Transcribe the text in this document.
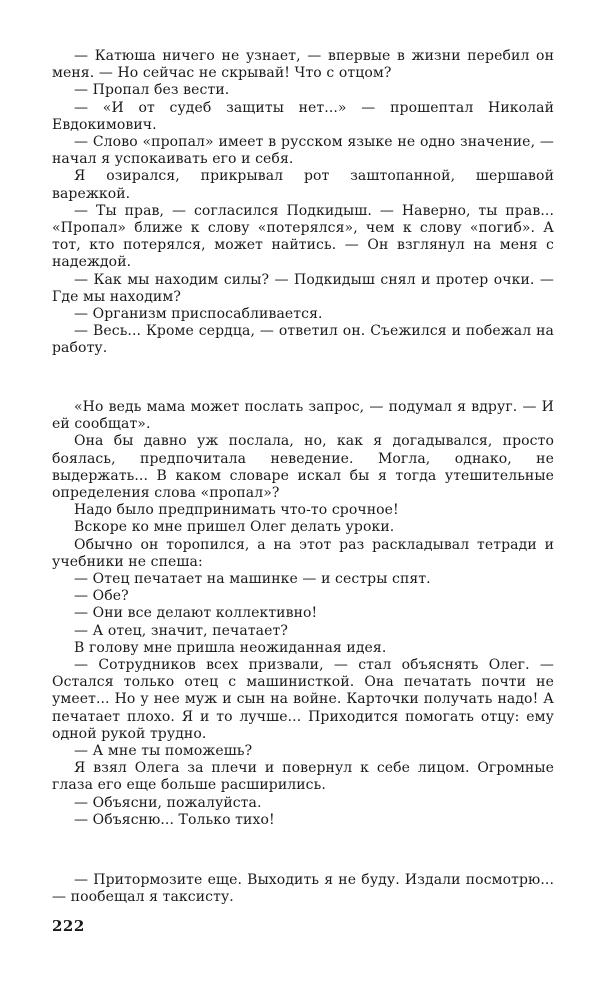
— Катюша ничего не узнает, — впервые в жизни перебил он меня. — Но сейчас не скрывай! Что с отцом?

— Пропал без вести.

— «И от судеб защиты нет...» — прошептал Николай Евдокимович.

— Слово «пропал» имеет в русском языке не одно значение, — начал я успокаивать его и себя.

Я озирался, прикрывал рот заштопанной, шершавой варежкой.

— Ты прав, — согласился Подкидыш. — Наверно, ты прав... «Пропал» ближе к слову «потерялся», чем к слову «погиб». А тот, кто потерялся, может найтись. — Он взглянул на меня с надеждой.

— Как мы находим силы? — Подкидыш снял и протер очки. — Где мы находим?

— Организм приспосабливается.

— Весь... Кроме сердца, — ответил он. Съежился и побежал на работу.

«Но ведь мама может послать запрос, — подумал я вдруг. — И ей сообщат».

Она бы давно уж послала, но, как я догадывался, просто боялась, предпочитала неведение. Могла, однако, не выдержать... В каком словаре искал бы я тогда утешительные определения слова «пропал»?

Надо было предпринимать что-то срочное!

Вскоре ко мне пришел Олег делать уроки.

Обычно он торопился, а на этот раз раскладывал тетради и учебники не спеша:

— Отец печатает на машинке — и сестры спят.

— Обе?

— Они все делают коллективно!

— А отец, значит, печатает?

В голову мне пришла неожиданная идея.

— Сотрудников всех призвали, — стал объяснять Олег. — Остался только отец с машинисткой. Она печатать почти не умеет... Но у нее муж и сын на войне. Карточки получать надо! А печатает плохо. Я и то лучше... Приходится помогать отцу: ему одной рукой трудно.

— А мне ты поможешь?

Я взял Олега за плечи и повернул к себе лицом. Огромные глаза его еще больше расширились.

— Объясни, пожалуйста.

— Объясню... Только тихо!

— Притормозите еще. Выходить я не буду. Издали посмотрю... — пообещал я таксисту.

222
